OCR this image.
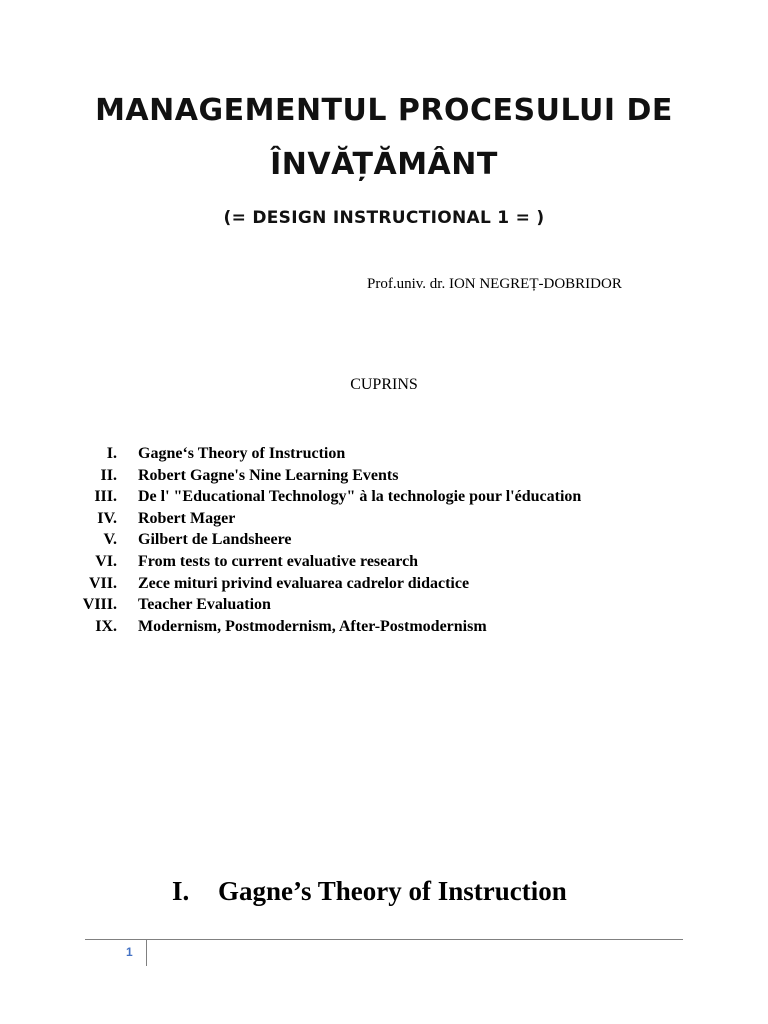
MANAGEMENTUL PROCESULUI DE
ÎNVĂȚĂMÂNT
(= DESIGN INSTRUCTIONAL 1 = )
Prof.univ. dr. ION NEGREȚ-DOBRIDOR
CUPRINS
I. Gagne‘s Theory of Instruction
II. Robert Gagne's Nine Learning Events
III. De l' "Educational Technology" à la technologie pour l'éducation
IV. Robert Mager
V. Gilbert de Landsheere
VI. From tests to current evaluative research
VII. Zece mituri privind evaluarea cadrelor didactice
VIII. Teacher Evaluation
IX. Modernism, Postmodernism, After-Postmodernism
I. Gagne’s Theory of Instruction
1
